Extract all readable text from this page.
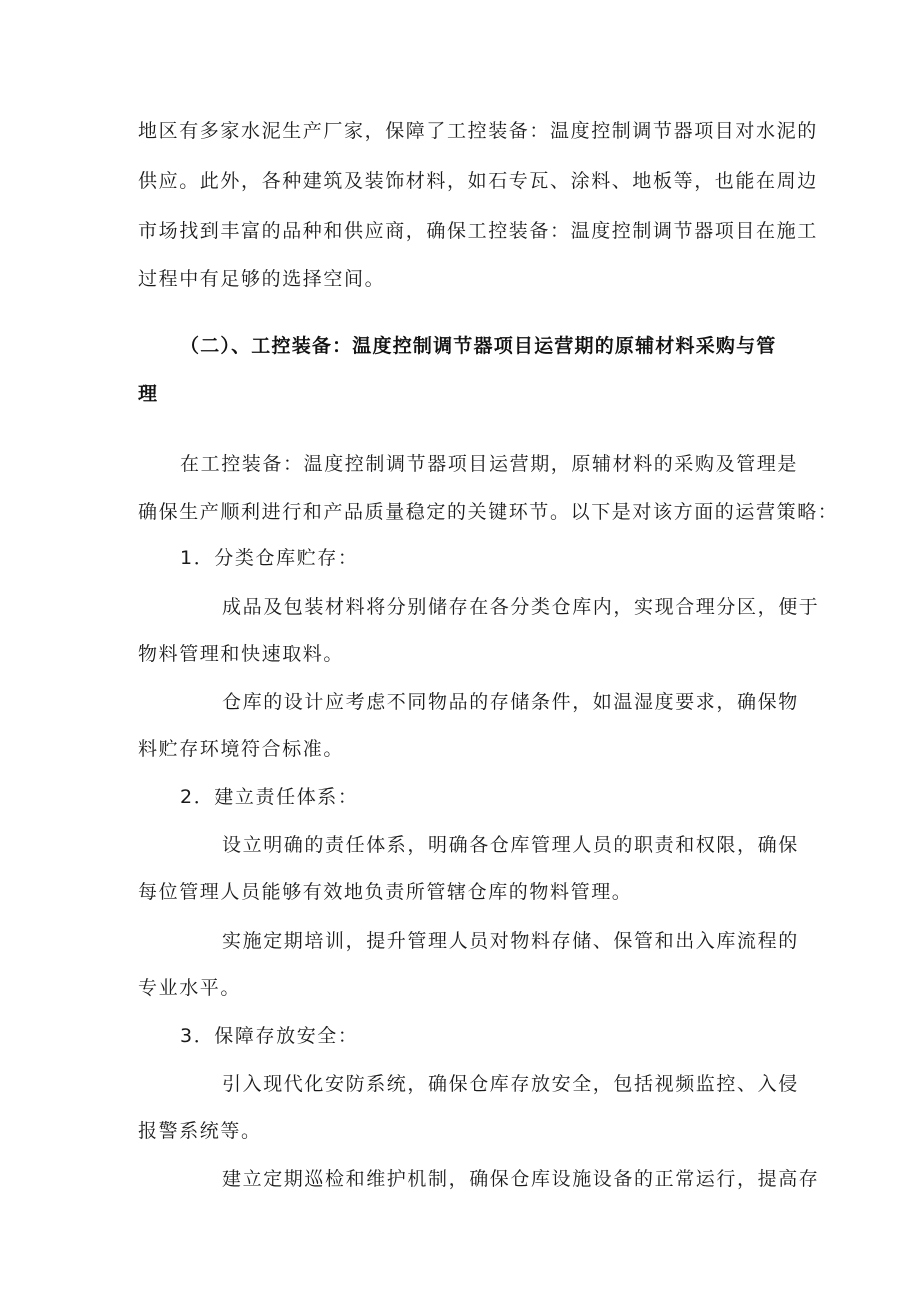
地区有多家水泥生产厂家，保障了工控装备：温度控制调节器项目对水泥的
供应。此外，各种建筑及装饰材料，如石专瓦、涂料、地板等，也能在周边
市场找到丰富的品种和供应商，确保工控装备：温度控制调节器项目在施工
过程中有足够的选择空间。
（二）、工控装备：温度控制调节器项目运营期的原辅材料采购与管
理
在工控装备：温度控制调节器项目运营期，原辅材料的采购及管理是
确保生产顺利进行和产品质量稳定的关键环节。以下是对该方面的运营策略：
1．分类仓库贮存：
成品及包装材料将分别储存在各分类仓库内，实现合理分区，便于
物料管理和快速取料。
仓库的设计应考虑不同物品的存储条件，如温湿度要求，确保物
料贮存环境符合标准。
2．建立责任体系：
设立明确的责任体系，明确各仓库管理人员的职责和权限，确保
每位管理人员能够有效地负责所管辖仓库的物料管理。
实施定期培训，提升管理人员对物料存储、保管和出入库流程的
专业水平。
3．保障存放安全：
引入现代化安防系统，确保仓库存放安全，包括视频监控、入侵
报警系统等。
建立定期巡检和维护机制，确保仓库设施设备的正常运行，提高存
